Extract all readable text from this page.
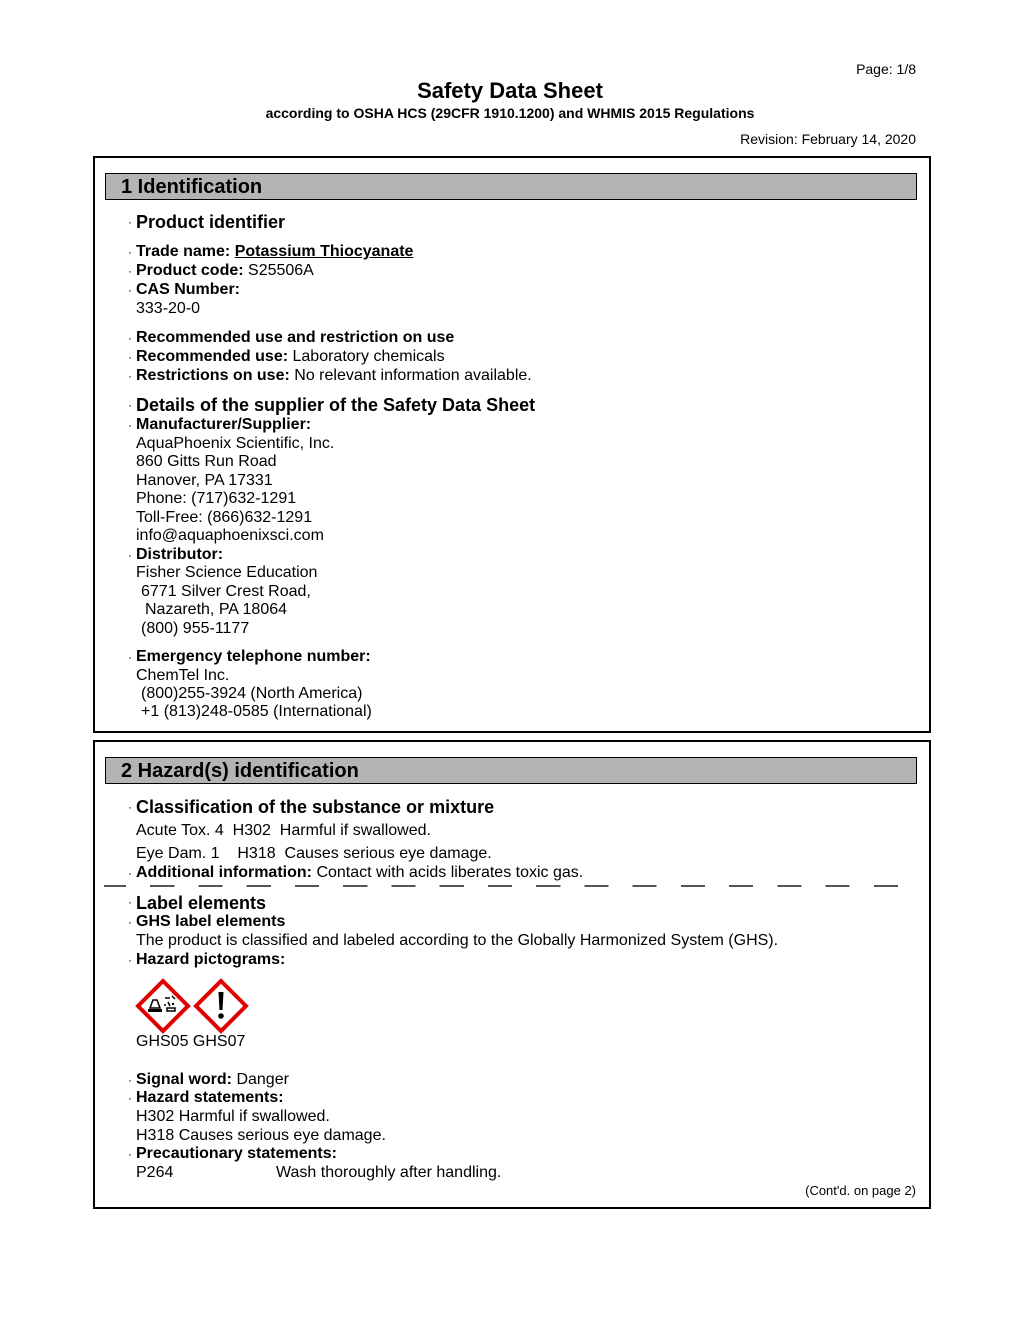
Page: 1/8
Safety Data Sheet
according to OSHA HCS (29CFR 1910.1200) and WHMIS 2015 Regulations
Revision: February 14, 2020
1 Identification
· Product identifier
· Trade name: Potassium Thiocyanate
· Product code: S25506A
· CAS Number:
333-20-0
· Recommended use and restriction on use
· Recommended use: Laboratory chemicals
· Restrictions on use: No relevant information available.
· Details of the supplier of the Safety Data Sheet
· Manufacturer/Supplier:
AquaPhoenix Scientific, Inc.
860 Gitts Run Road
Hanover, PA 17331
Phone: (717)632-1291
Toll-Free: (866)632-1291
info@aquaphoenixsci.com
· Distributor:
Fisher Science Education
6771 Silver Crest Road,
Nazareth, PA 18064
(800) 955-1177
· Emergency telephone number:
ChemTel Inc.
(800)255-3924 (North America)
+1 (813)248-0585 (International)
2 Hazard(s) identification
· Classification of the substance or mixture
Acute Tox. 4 H302 Harmful if swallowed.
Eye Dam. 1 H318 Causes serious eye damage.
· Additional information: Contact with acids liberates toxic gas.
· Label elements
· GHS label elements
The product is classified and labeled according to the Globally Harmonized System (GHS).
· Hazard pictograms:
GHS05 GHS07
· Signal word: Danger
· Hazard statements:
H302 Harmful if swallowed.
H318 Causes serious eye damage.
· Precautionary statements:
P264	Wash thoroughly after handling.
(Cont'd. on page 2)
